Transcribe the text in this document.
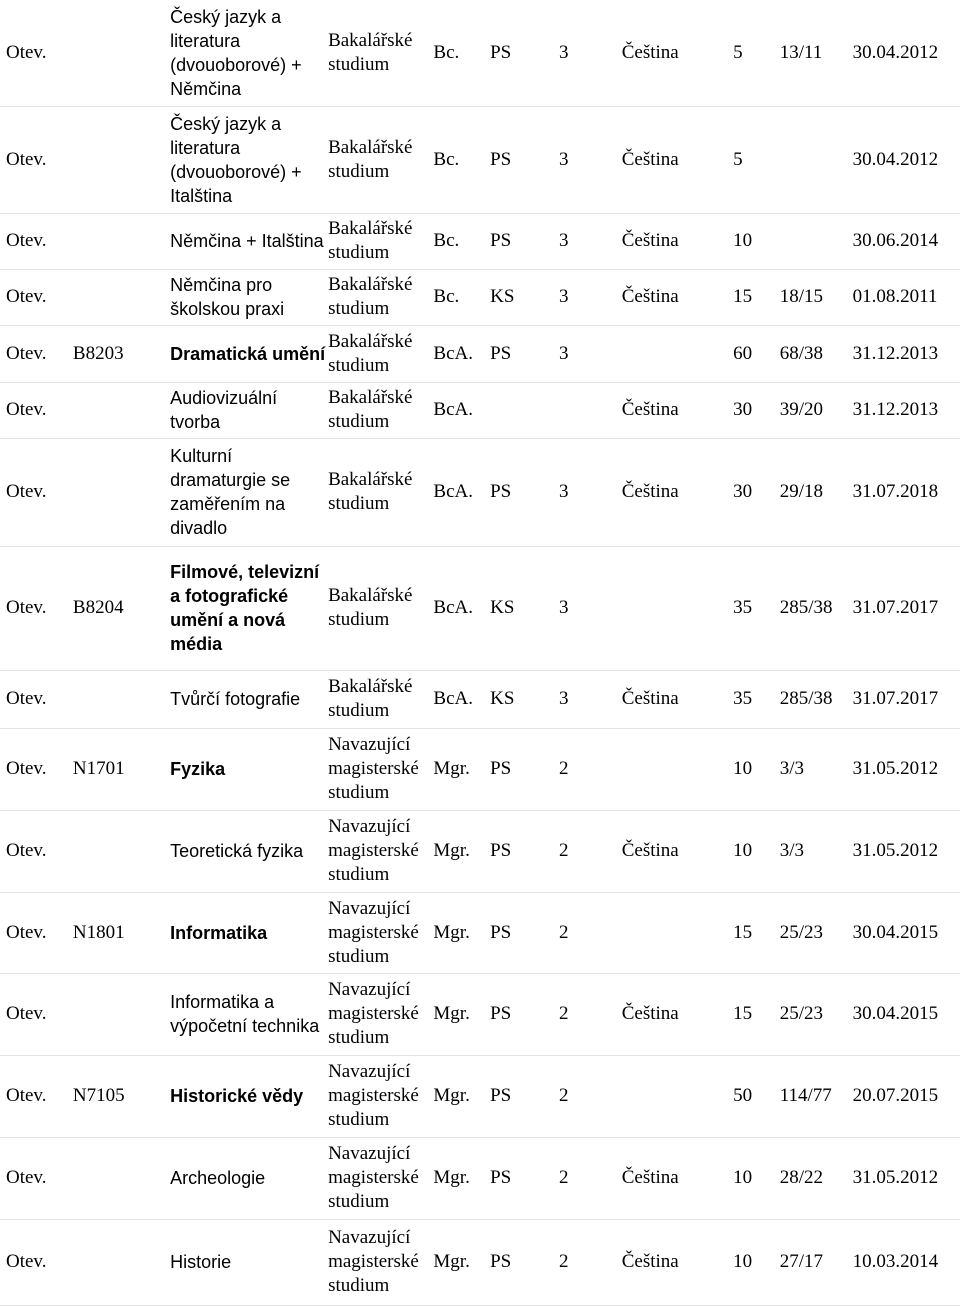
Otev.		Český jazyk a literatura (dvouoborové) + Němčina	Bakalářské studium	Bc.	PS	3	Čeština	5	13/11	30.04.2012
Otev.		Český jazyk a literatura (dvouoborové) + Italština	Bakalářské studium	Bc.	PS	3	Čeština	5		30.04.2012
Otev.		Němčina + Italština	Bakalářské studium	Bc.	PS	3	Čeština	10		30.06.2014
Otev.		Němčina pro školskou praxi	Bakalářské studium	Bc.	KS	3	Čeština	15	18/15	01.08.2011
Otev.	B8203	Dramatická umění	Bakalářské studium	BcA.	PS	3		60	68/38	31.12.2013
Otev.		Audiovizuální tvorba	Bakalářské studium	BcA.			Čeština	30	39/20	31.12.2013
Otev.		Kulturní dramaturgie se zaměřením na divadlo	Bakalářské studium	BcA.	PS	3	Čeština	30	29/18	31.07.2018
Otev.	B8204	Filmové, televizní a fotografické umění a nová média	Bakalářské studium	BcA.	KS	3		35	285/38	31.07.2017
Otev.		Tvůrčí fotografie	Bakalářské studium	BcA.	KS	3	Čeština	35	285/38	31.07.2017
Otev.	N1701	Fyzika	Navazující magisterské studium	Mgr.	PS	2		10	3/3	31.05.2012
Otev.		Teoretická fyzika	Navazující magisterské studium	Mgr.	PS	2	Čeština	10	3/3	31.05.2012
Otev.	N1801	Informatika	Navazující magisterské studium	Mgr.	PS	2		15	25/23	30.04.2015
Otev.		Informatika a výpočetní technika	Navazující magisterské studium	Mgr.	PS	2	Čeština	15	25/23	30.04.2015
Otev.	N7105	Historické vědy	Navazující magisterské studium	Mgr.	PS	2		50	114/77	20.07.2015
Otev.		Archeologie	Navazující magisterské studium	Mgr.	PS	2	Čeština	10	28/22	31.05.2012
Otev.		Historie	Navazující magisterské studium	Mgr.	PS	2	Čeština	10	27/17	10.03.2014
